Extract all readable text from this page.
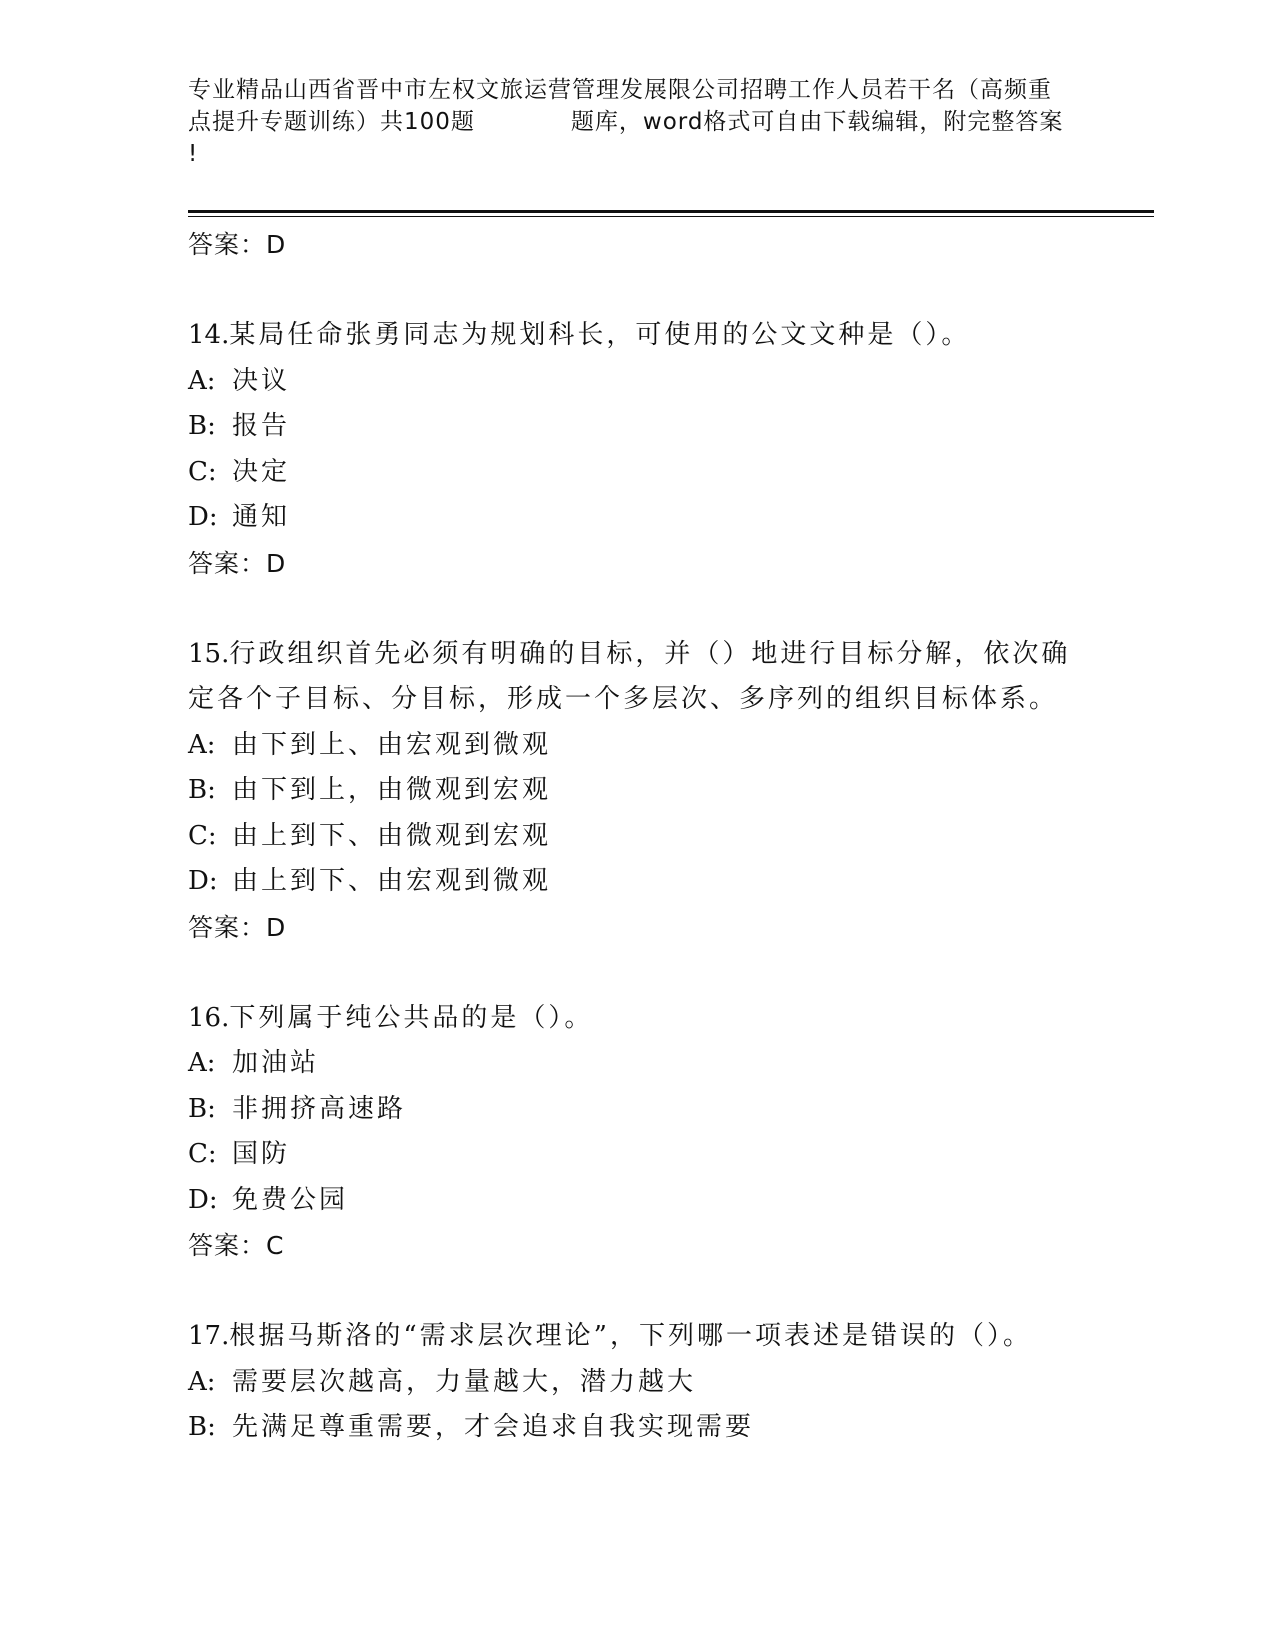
专业精品山西省晋中市左权文旅运营管理发展限公司招聘工作人员若干名（高频重
点提升专题训练）共100题　　　　题库，word格式可自由下载编辑，附完整答案
!
答案：D
14.某局任命张勇同志为规划科长，可使用的公文文种是（）。
A: 决议
B: 报告
C: 决定
D: 通知
答案：D
15.行政组织首先必须有明确的目标，并（）地进行目标分解，依次确
定各个子目标、分目标，形成一个多层次、多序列的组织目标体系。
A: 由下到上、由宏观到微观
B: 由下到上，由微观到宏观
C: 由上到下、由微观到宏观
D: 由上到下、由宏观到微观
答案：D
16.下列属于纯公共品的是（）。
A: 加油站
B: 非拥挤高速路
C: 国防
D: 免费公园
答案：C
17.根据马斯洛的“需求层次理论”，下列哪一项表述是错误的（）。
A: 需要层次越高，力量越大，潜力越大
B: 先满足尊重需要，才会追求自我实现需要
